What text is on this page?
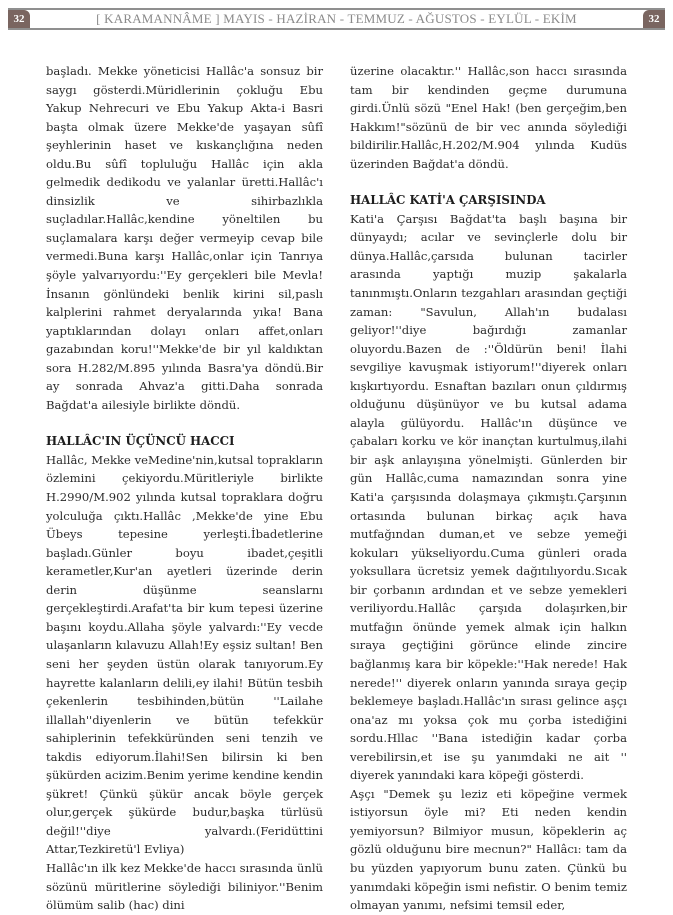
32	[ KARAMANNÂME ] MAYIS - HAZİRAN - TEMMUZ - AĞUSTOS - EYLÜL - EKİM	32

başladı. Mekke yöneticisi Hallâc'a sonsuz bir saygı gösterdi.Müridlerinin çokluğu Ebu Yakup Nehrecuri ve Ebu Yakup Akta-i Basri başta olmak üzere Mekke'de yaşayan sûfî şeyhlerinin haset ve kıskançlığına neden oldu.Bu sûfî topluluğu Hallâc için akla gelmedik dedikodu ve yalanlar üretti.Hallâc'ı dinsizlik ve sihirbazlıkla suçladılar.Hallâc,kendine yöneltilen bu suçlamalara karşı değer vermeyip cevap bile vermedi.Buna karşı Hallâc,onlar için Tanrıya şöyle yalvarıyordu:''Ey gerçekleri bile Mevla! İnsanın gönlündeki benlik kirini sil,paslı kalplerini rahmet deryalarında yıka! Bana yaptıklarından dolayı onları affet,onları gazabından koru!''Mekke'de bir yıl kaldıktan sora H.282/M.895 yılında Basra'ya döndü.Bir ay sonrada Ahvaz'a gitti.Daha sonrada Bağdat'a ailesiyle birlikte döndü.

HALLÂC'IN ÜÇÜNCÜ HACCI

Hallâc, Mekke veMedine'nin,kutsal toprakların özlemini çekiyordu.Müritleriyle birlikte H.2990/M.902 yılında kutsal topraklara doğru yolculuğa çıktı.Hallâc ,Mekke'de yine Ebu Übeys tepesine yerleşti.İbadetlerine başladı.Günler boyu ibadet,çeşitli kerametler,Kur'an ayetleri üzerinde derin derin düşünme seanslarnı gerçekleştirdi.Arafat'ta bir kum tepesi üzerine başını koydu.Allaha şöyle yalvardı:''Ey vecde ulaşanların kılavuzu Allah!Ey eşsiz sultan! Ben seni her şeyden üstün olarak tanıyorum.Ey hayrette kalanların delili,ey ilahi! Bütün tesbih çekenlerin tesbihinden,bütün ''Lailahe illallah''diyenlerin ve bütün tefekkür sahiplerinin tefekküründen seni tenzih ve takdis ediyorum.İlahi!Sen bilirsin ki ben şükürden acizim.Benim yerime kendine kendin şükret! Çünkü şükür ancak böyle gerçek olur,gerçek şükürde budur,başka türlüsü değil!''diye yalvardı.(Feridüttini Attar,Tezkiretü'l Evliya)

Hallâc'ın ilk kez Mekke'de haccı sırasında ünlü sözünü müritlerine söylediği biliniyor.''Benim ölümüm salib (hac) dini

üzerine olacaktır.'' Hallâc,son haccı sırasında tam bir kendinden geçme durumuna girdi.Ünlü sözü "Enel Hak! (ben gerçeğim,ben Hakkım!"sözünü de bir vec anında söylediği bildirilir.Hallâc,H.202/M.904 yılında Kudüs üzerinden Bağdat'a döndü.

HALLÂC KATİ'A ÇARŞISINDA

Kati'a Çarşısı Bağdat'ta başlı başına bir dünyaydı; acılar ve sevinçlerle dolu bir dünya.Hallâc,çarsıda bulunan tacirler arasında yaptığı muzip şakalarla tanınmıştı.Onların tezgahları arasından geçtiği zaman: "Savulun, Allah'ın budalası geliyor!''diye bağırdığı zamanlar oluyordu.Bazen de :''Öldürün beni! İlahi sevgiliye kavuşmak istiyorum!''diyerek onları kışkırtıyordu. Esnaftan bazıları onun çıldırmış olduğunu düşünüyor ve bu kutsal adama alayla gülüyordu. Hallâc'ın düşünce ve çabaları korku ve kör inançtan kurtulmuş,ilahi bir aşk anlayışına yönelmişti. Günlerden bir gün Hallâc,cuma namazından sonra yine Kati'a çarşısında dolaşmaya çıkmıştı.Çarşının ortasında bulunan birkaç açık hava mutfağından duman,et ve sebze yemeği kokuları yükseliyordu.Cuma günleri orada yoksullara ücretsiz yemek dağıtılıyordu.Sıcak bir çorbanın ardından et ve sebze yemekleri veriliyordu.Hallâc çarşıda dolaşırken,bir mutfağın önünde yemek almak için halkın sıraya geçtiğini görünce elinde zincire bağlanmış kara bir köpekle:''Hak nerede! Hak nerede!'' diyerek onların yanında sıraya geçip beklemeye başladı.Hallâc'ın sırası gelince aşçı ona'az mı yoksa çok mu çorba istediğini sordu.Hllac ''Bana istediğin kadar çorba verebilirsin,et ise şu yanımdaki ne ait '' diyerek yanındaki kara köpeği gösterdi.

Aşçı "Demek şu leziz eti köpeğine vermek istiyorsun öyle mi? Eti neden kendin yemiyorsun? Bilmiyor musun, köpeklerin aç gözlü olduğunu bire mecnun?" Hallâcı: tam da bu yüzden yapıyorum bunu zaten. Çünkü bu yanımdaki köpeğin ismi nefistir. O benim temiz olmayan yanımı, nefsimi temsil eder,
